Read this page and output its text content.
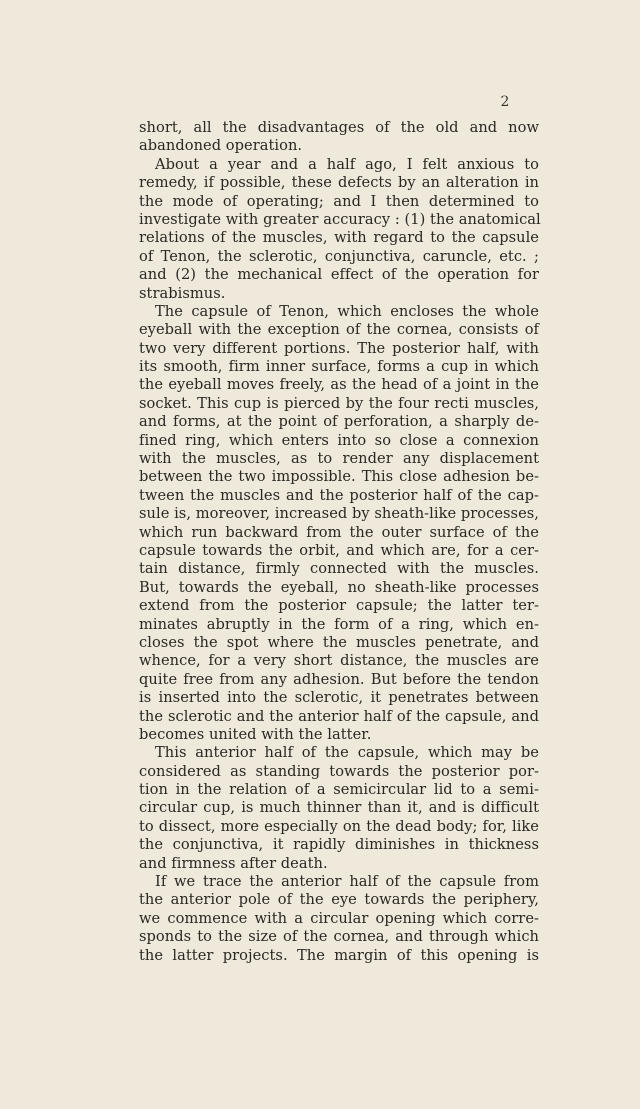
2
short, all the disadvantages of the old and now
abandoned operation.
About a year and a half ago, I felt anxious to
remedy, if possible, these defects by an alteration in
the mode of operating; and I then determined to
investigate with greater accuracy : (1) the anatomical
relations of the muscles, with regard to the capsule
of Tenon, the sclerotic, conjunctiva, caruncle, etc. ;
and (2) the mechanical effect of the operation for
strabismus.
The capsule of Tenon, which encloses the whole
eyeball with the exception of the cornea, consists of
two very different portions. The posterior half, with
its smooth, firm inner surface, forms a cup in which
the eyeball moves freely, as the head of a joint in the
socket. This cup is pierced by the four recti muscles,
and forms, at the point of perforation, a sharply de-
fined ring, which enters into so close a connexion
with the muscles, as to render any displacement
between the two impossible. This close adhesion be-
tween the muscles and the posterior half of the cap-
sule is, moreover, increased by sheath-like processes,
which run backward from the outer surface of the
capsule towards the orbit, and which are, for a cer-
tain distance, firmly connected with the muscles.
But, towards the eyeball, no sheath-like processes
extend from the posterior capsule; the latter ter-
minates abruptly in the form of a ring, which en-
closes the spot where the muscles penetrate, and
whence, for a very short distance, the muscles are
quite free from any adhesion. But before the tendon
is inserted into the sclerotic, it penetrates between
the sclerotic and the anterior half of the capsule, and
becomes united with the latter.
This anterior half of the capsule, which may be
considered as standing towards the posterior por-
tion in the relation of a semicircular lid to a semi-
circular cup, is much thinner than it, and is difficult
to dissect, more especially on the dead body; for, like
the conjunctiva, it rapidly diminishes in thickness
and firmness after death.
If we trace the anterior half of the capsule from
the anterior pole of the eye towards the periphery,
we commence with a circular opening which corre-
sponds to the size of the cornea, and through which
the latter projects. The margin of this opening is
